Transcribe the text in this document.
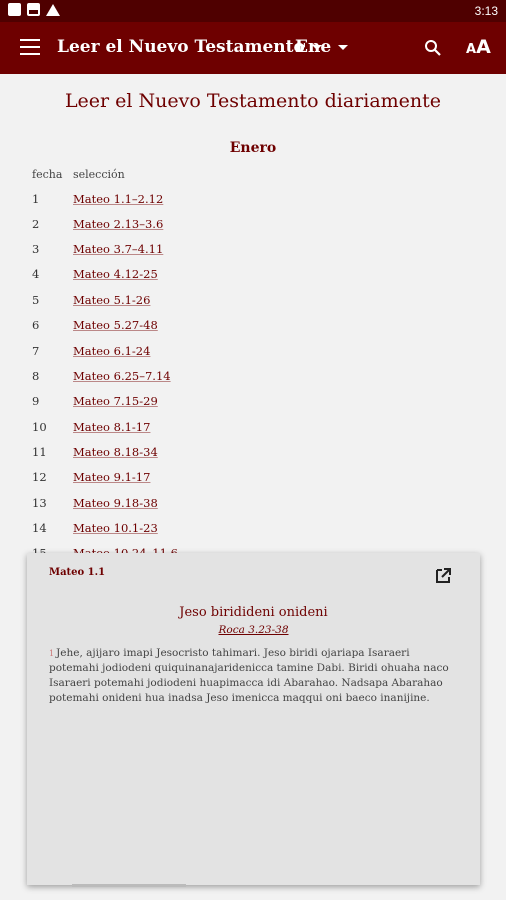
3:13
Leer el Nuevo Testamento
Ene	AA
Leer el Nuevo Testamento diariamente
Enero
fecha selección
1	Mateo 1.1–2.12
2	Mateo 2.13–3.6
3	Mateo 3.7–4.11
4	Mateo 4.12-25
5	Mateo 5.1-26
6	Mateo 5.27-48
7	Mateo 6.1-24
8	Mateo 6.25–7.14
9	Mateo 7.15-29
10 Mateo 8.1-17
11 Mateo 8.18-34
12 Mateo 9.1-17
13 Mateo 9.18-38
14 Mateo 10.1-23
Mateo 1.1
Jeso biridideni onideni
Roca 3.23-38
$^1$ Jehe, ajijaro imapi Jesocristo tahimari. Jeso biridi ojariapa Isaraeri potemahi jodiodeni quiquinanajaridenicca tamine Dabi. Biridi ohuaha naco Isaraeri potemahi jodiodeni huapimacca idi Abarahao. Nadsapa Abarahao potemahi onideni hua inadsa Jeso imenicca maqqui oni baeco inanijine.
